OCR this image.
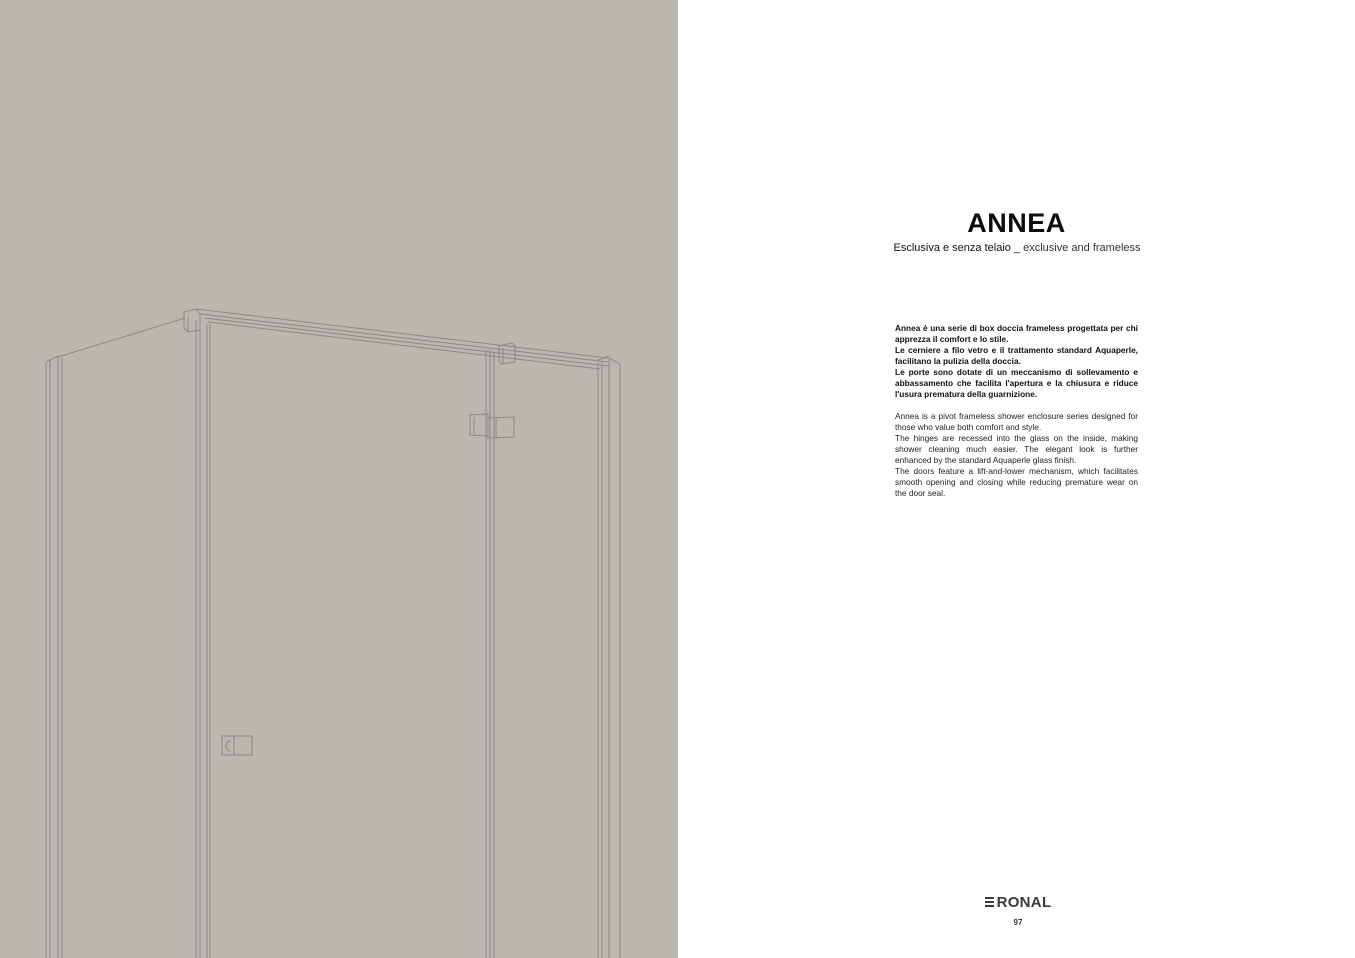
ANNEA
Esclusiva e senza telaio _ exclusive and frameless

Annea è una serie di box doccia frameless progettata per chi apprezza il comfort e lo stile.

Le cerniere a filo vetro e il trattamento standard Aquaperle, facilitano la pulizia della doccia.

Le porte sono dotate di un meccanismo di sollevamento e abbassamento che facilita l'apertura e la chiusura e riduce l'usura prematura della guarnizione.

Annea is a pivot frameless shower enclosure series designed for those who value both comfort and style.

The hinges are recessed into the glass on the inside, making shower cleaning much easier. The elegant look is further enhanced by the standard Aquaperle glass finish.

The doors feature a lift-and-lower mechanism, which facilitates smooth opening and closing while reducing premature wear on the door seal.

RONAL
97
